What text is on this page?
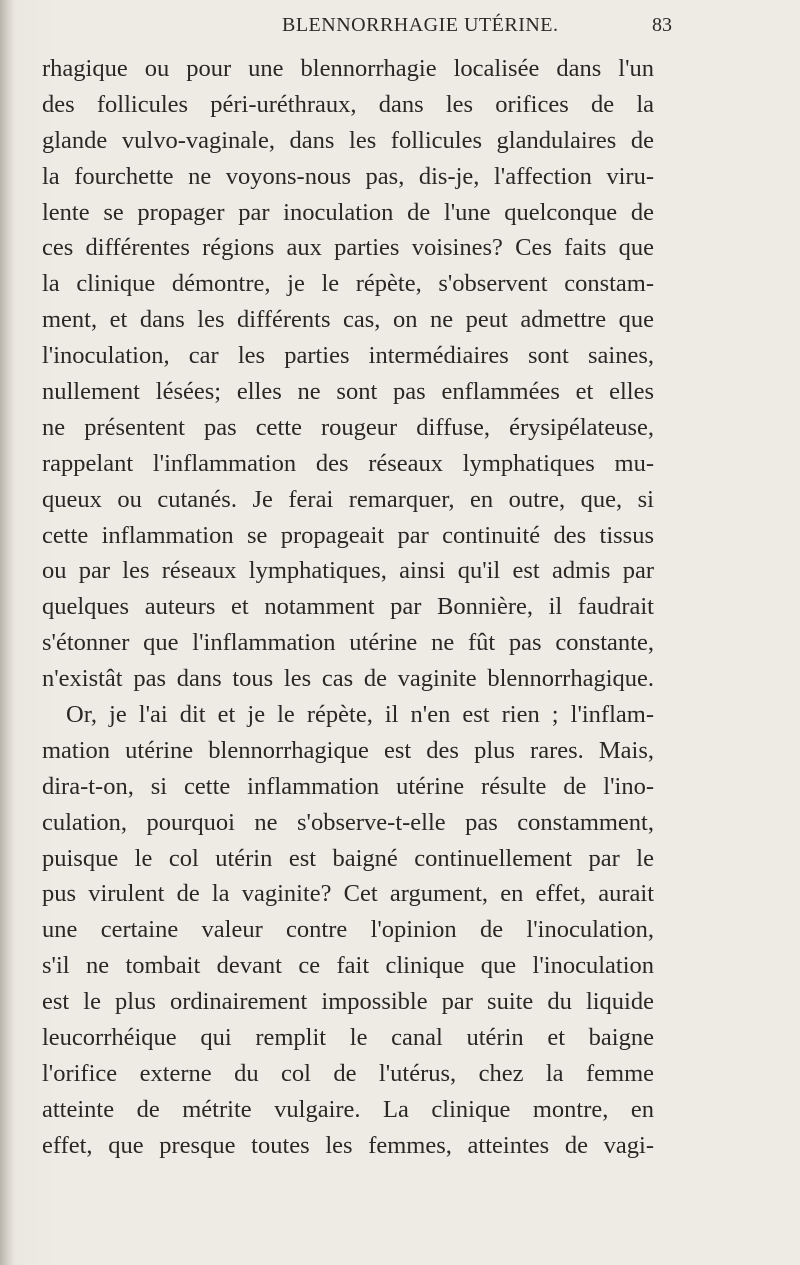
BLENNORRHAGIE UTÉRINE.	83
rhagique ou pour une blennorrhagie localisée dans l'un
des follicules péri-uréthraux, dans les orifices de la
glande vulvo-vaginale, dans les follicules glandulaires de
la fourchette ne voyons-nous pas, dis-je, l'affection viru-
lente se propager par inoculation de l'une quelconque de
ces différentes régions aux parties voisines? Ces faits que
la clinique démontre, je le répète, s'observent constam-
ment, et dans les différents cas, on ne peut admettre que
l'inoculation, car les parties intermédiaires sont saines,
nullement lésées; elles ne sont pas enflammées et elles
ne présentent pas cette rougeur diffuse, érysipélateuse,
rappelant l'inflammation des réseaux lymphatiques mu-
queux ou cutanés. Je ferai remarquer, en outre, que, si
cette inflammation se propageait par continuité des tissus
ou par les réseaux lymphatiques, ainsi qu'il est admis par
quelques auteurs et notamment par Bonnière, il faudrait
s'étonner que l'inflammation utérine ne fût pas constante,
n'existât pas dans tous les cas de vaginite blennorrhagique.
Or, je l'ai dit et je le répète, il n'en est rien ; l'inflam-
mation utérine blennorrhagique est des plus rares. Mais,
dira-t-on, si cette inflammation utérine résulte de l'ino-
culation, pourquoi ne s'observe-t-elle pas constamment,
puisque le col utérin est baigné continuellement par le
pus virulent de la vaginite? Cet argument, en effet, aurait
une certaine valeur contre l'opinion de l'inoculation,
s'il ne tombait devant ce fait clinique que l'inoculation
est le plus ordinairement impossible par suite du liquide
leucorrhéique qui remplit le canal utérin et baigne
l'orifice externe du col de l'utérus, chez la femme
atteinte de métrite vulgaire. La clinique montre, en
effet, que presque toutes les femmes, atteintes de vagi-
